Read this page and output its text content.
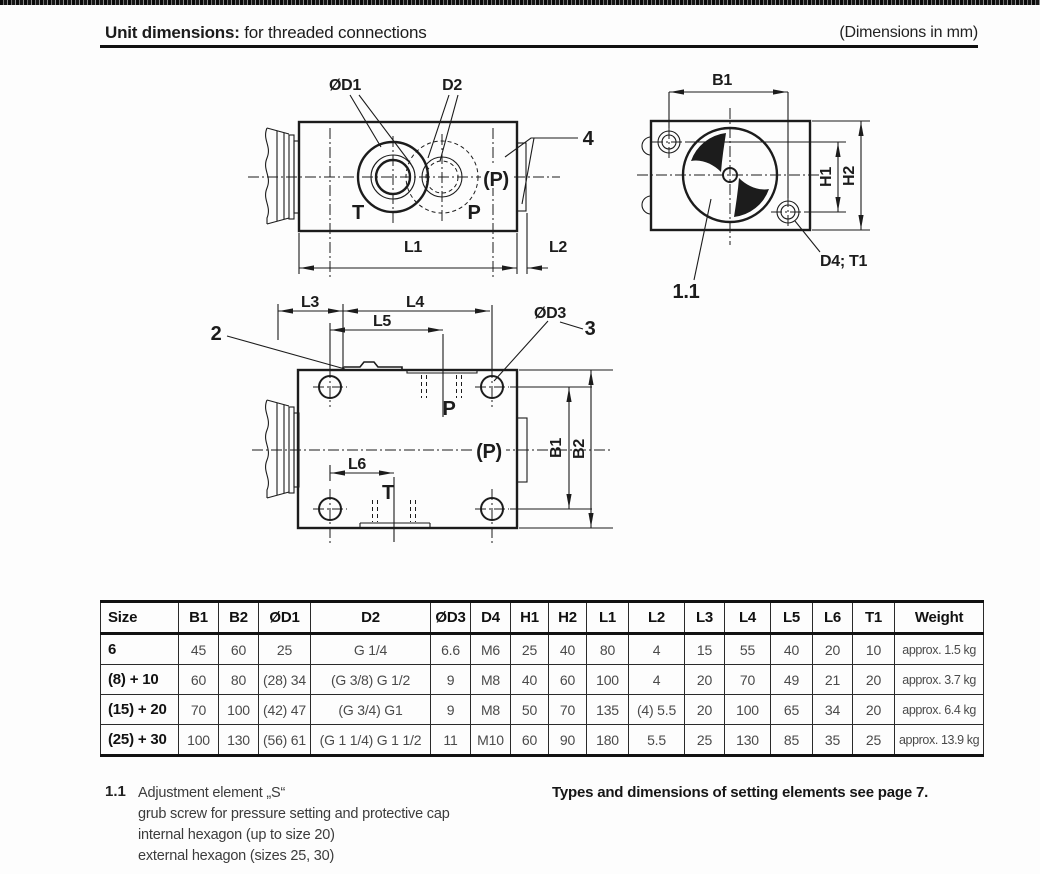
Unit dimensions: for threaded connections	(Dimensions in mm)
ØD1	D2
4
(P)
T	P
L1	L2
B1
H1 H2
D4; T1
1.1
L3	L4
L5	ØD3
3
2
P
(P)
L6
T
B1 B2
Size	B1	B2	ØD1	D2	ØD3	D4	H1	H2	L1	L2	L3	L4	L5	L6	T1	Weight
6	45	60	25	G 1/4	6.6	M6	25	40	80	4	15	55	40	20	10	approx. 1.5 kg
(8) + 10	60	80	(28) 34	(G 3/8) G 1/2	9	M8	40	60	100	4	20	70	49	21	20	approx. 3.7 kg
(15) + 20	70	100	(42) 47	(G 3/4) G1	9	M8	50	70	135	(4) 5.5	20	100	65	34	20	approx. 6.4 kg
(25) + 30	100	130	(56) 61	(G 1 1/4) G 1 1/2	11	M10	60	90	180	5.5	25	130	85	35	25	approx. 13.9 kg
1.1 Adjustment element „S“
grub screw for pressure setting and protective cap
internal hexagon (up to size 20)
external hexagon (sizes 25, 30)
Types and dimensions of setting elements see page 7.
